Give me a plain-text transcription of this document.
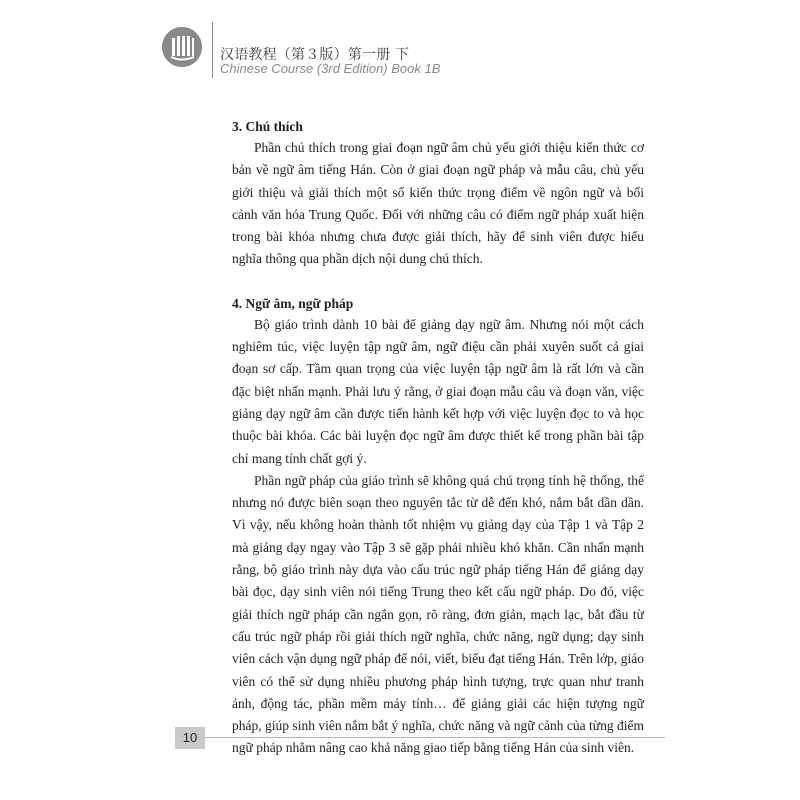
汉语教程（第３版）第一册 下
Chinese Course (3rd Edition) Book 1B
3. Chú thích

Phần chú thích trong giai đoạn ngữ âm chủ yếu giới thiệu kiến thức cơ bản về ngữ âm tiếng Hán. Còn ở giai đoạn ngữ pháp và mẫu câu, chủ yếu giới thiệu và giải thích một số kiến thức trọng điểm về ngôn ngữ và bối cảnh văn hóa Trung Quốc. Đối với những câu có điểm ngữ pháp xuất hiện trong bài khóa nhưng chưa được giải thích, hãy để sinh viên được hiểu nghĩa thông qua phần dịch nội dung chú thích.

4. Ngữ âm, ngữ pháp

Bộ giáo trình dành 10 bài để giảng dạy ngữ âm. Nhưng nói một cách nghiêm túc, việc luyện tập ngữ âm, ngữ điệu cần phải xuyên suốt cả giai đoạn sơ cấp. Tầm quan trọng của việc luyện tập ngữ âm là rất lớn và cần đặc biệt nhấn mạnh. Phải lưu ý rằng, ở giai đoạn mẫu câu và đoạn văn, việc giảng dạy ngữ âm cần được tiến hành kết hợp với việc luyện đọc to và học thuộc bài khóa. Các bài luyện đọc ngữ âm được thiết kế trong phần bài tập chỉ mang tính chất gợi ý.

Phần ngữ pháp của giáo trình sẽ không quá chú trọng tính hệ thống, thế nhưng nó được biên soạn theo nguyên tắc từ dễ đến khó, nắm bắt dần dần. Vì vậy, nếu không hoàn thành tốt nhiệm vụ giảng dạy của Tập 1 và Tập 2 mà giảng dạy ngay vào Tập 3 sẽ gặp phải nhiều khó khăn. Cần nhấn mạnh rằng, bộ giáo trình này dựa vào cấu trúc ngữ pháp tiếng Hán để giảng dạy bài đọc, dạy sinh viên nói tiếng Trung theo kết cấu ngữ pháp. Do đó, việc giải thích ngữ pháp cần ngắn gọn, rõ ràng, đơn giản, mạch lạc, bắt đầu từ cấu trúc ngữ pháp rồi giải thích ngữ nghĩa, chức năng, ngữ dụng; dạy sinh viên cách vận dụng ngữ pháp để nói, viết, biểu đạt tiếng Hán. Trên lớp, giáo viên có thể sử dụng nhiều phương pháp hình tượng, trực quan như tranh ảnh, động tác, phần mềm máy tính… để giảng giải các hiện tượng ngữ pháp, giúp sinh viên nắm bắt ý nghĩa, chức năng và ngữ cảnh của từng điểm ngữ pháp nhằm nâng cao khả năng giao tiếp bằng tiếng Hán của sinh viên.

10
